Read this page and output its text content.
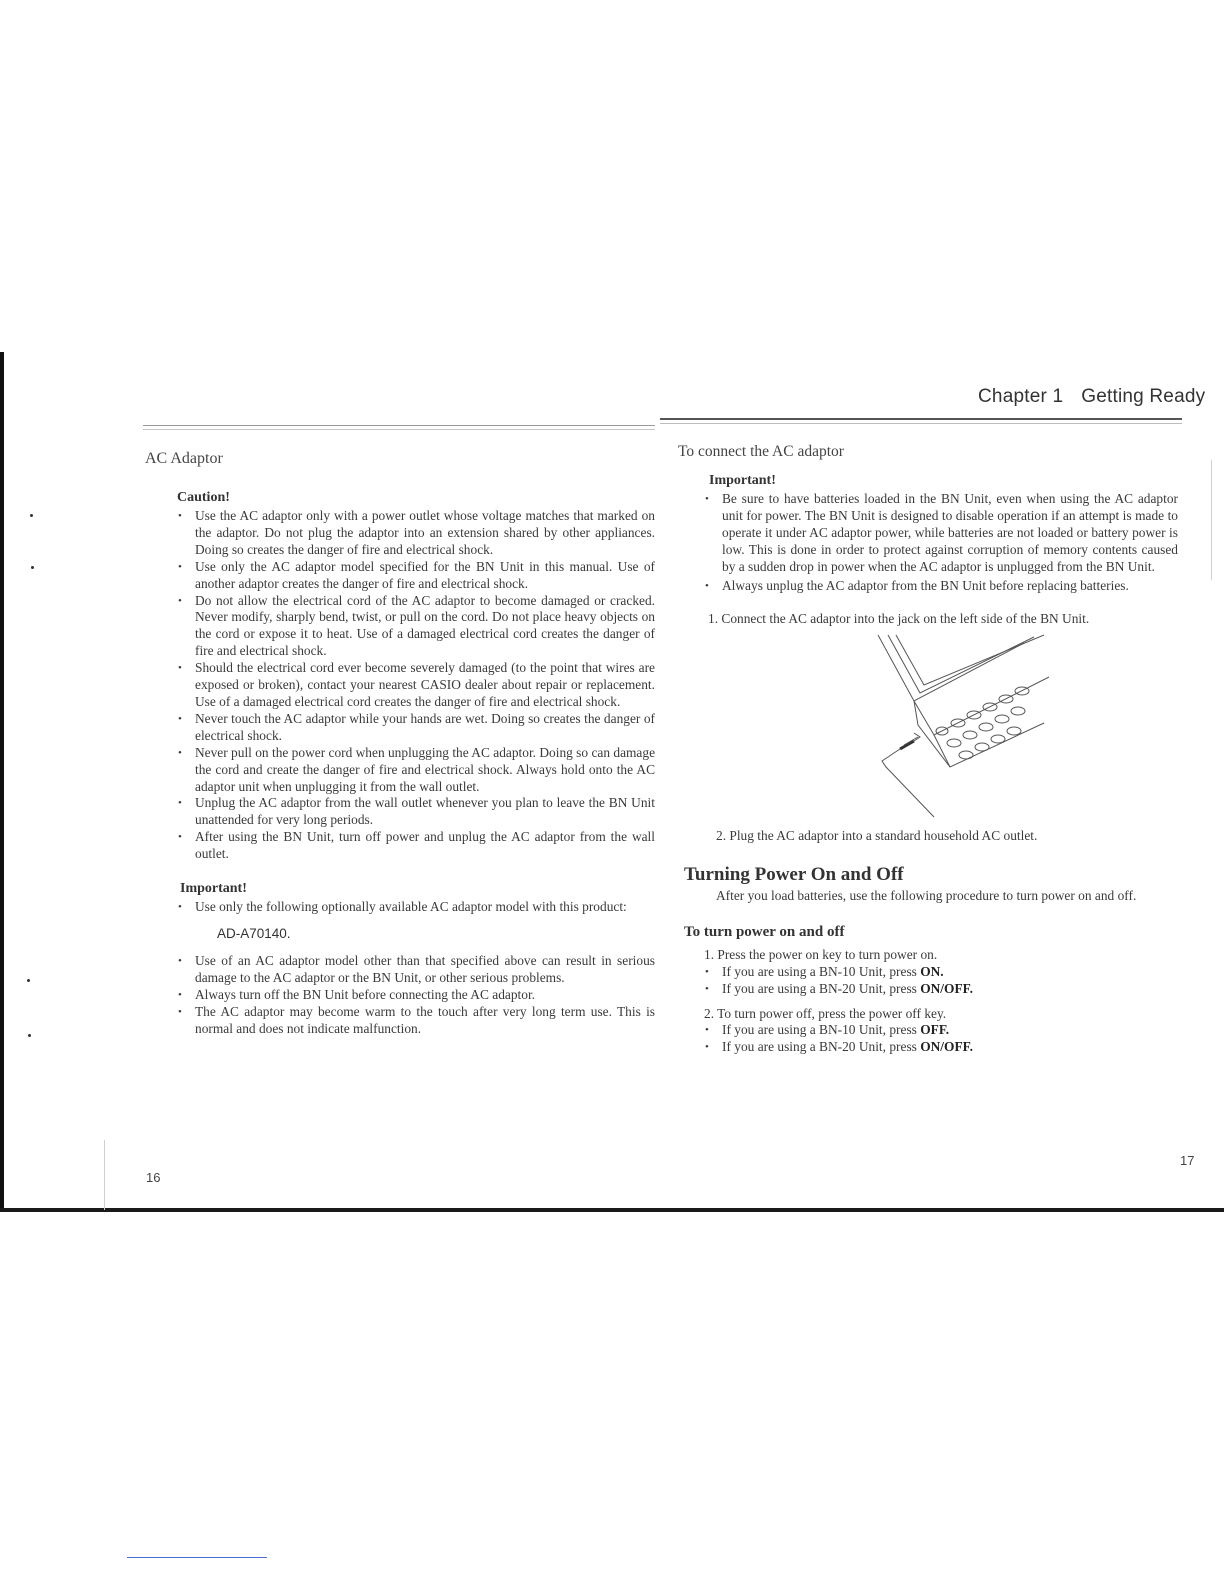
Chapter 1 Getting Ready
AC Adaptor
Caution!
• Use the AC adaptor only with a power outlet whose voltage matches that marked on the adaptor. Do not plug the adaptor into an extension shared by other appliances. Doing so creates the danger of fire and electrical shock.
• Use only the AC adaptor model specified for the BN Unit in this manual. Use of another adaptor creates the danger of fire and electrical shock.
• Do not allow the electrical cord of the AC adaptor to become damaged or cracked. Never modify, sharply bend, twist, or pull on the cord. Do not place heavy objects on the cord or expose it to heat. Use of a damaged electrical cord creates the danger of fire and electrical shock.
• Should the electrical cord ever become severely damaged (to the point that wires are exposed or broken), contact your nearest CASIO dealer about repair or replacement. Use of a damaged electrical cord creates the danger of fire and electrical shock.
• Never touch the AC adaptor while your hands are wet. Doing so creates the danger of electrical shock.
• Never pull on the power cord when unplugging the AC adaptor. Doing so can damage the cord and create the danger of fire and electrical shock. Always hold onto the AC adaptor unit when unplugging it from the wall outlet.
• Unplug the AC adaptor from the wall outlet whenever you plan to leave the BN Unit unattended for very long periods.
• After using the BN Unit, turn off power and unplug the AC adaptor from the wall outlet.
Important!
• Use only the following optionally available AC adaptor model with this product:
AD-A70140.
• Use of an AC adaptor model other than that specified above can result in serious damage to the AC adaptor or the BN Unit, or other serious problems.
• Always turn off the BN Unit before connecting the AC adaptor.
• The AC adaptor may become warm to the touch after very long term use. This is normal and does not indicate malfunction.
16
To connect the AC adaptor
Important!
• Be sure to have batteries loaded in the BN Unit, even when using the AC adaptor unit for power. The BN Unit is designed to disable operation if an attempt is made to operate it under AC adaptor power, while batteries are not loaded or battery power is low. This is done in order to protect against corruption of memory contents caused by a sudden drop in power when the AC adaptor is unplugged from the BN Unit.
• Always unplug the AC adaptor from the BN Unit before replacing batteries.
1. Connect the AC adaptor into the jack on the left side of the BN Unit.
2. Plug the AC adaptor into a standard household AC outlet.
Turning Power On and Off
After you load batteries, use the following procedure to turn power on and off.
To turn power on and off
1. Press the power on key to turn power on.
• If you are using a BN-10 Unit, press ON.
• If you are using a BN-20 Unit, press ON/OFF.
2. To turn power off, press the power off key.
• If you are using a BN-10 Unit, press OFF.
• If you are using a BN-20 Unit, press ON/OFF.
17
